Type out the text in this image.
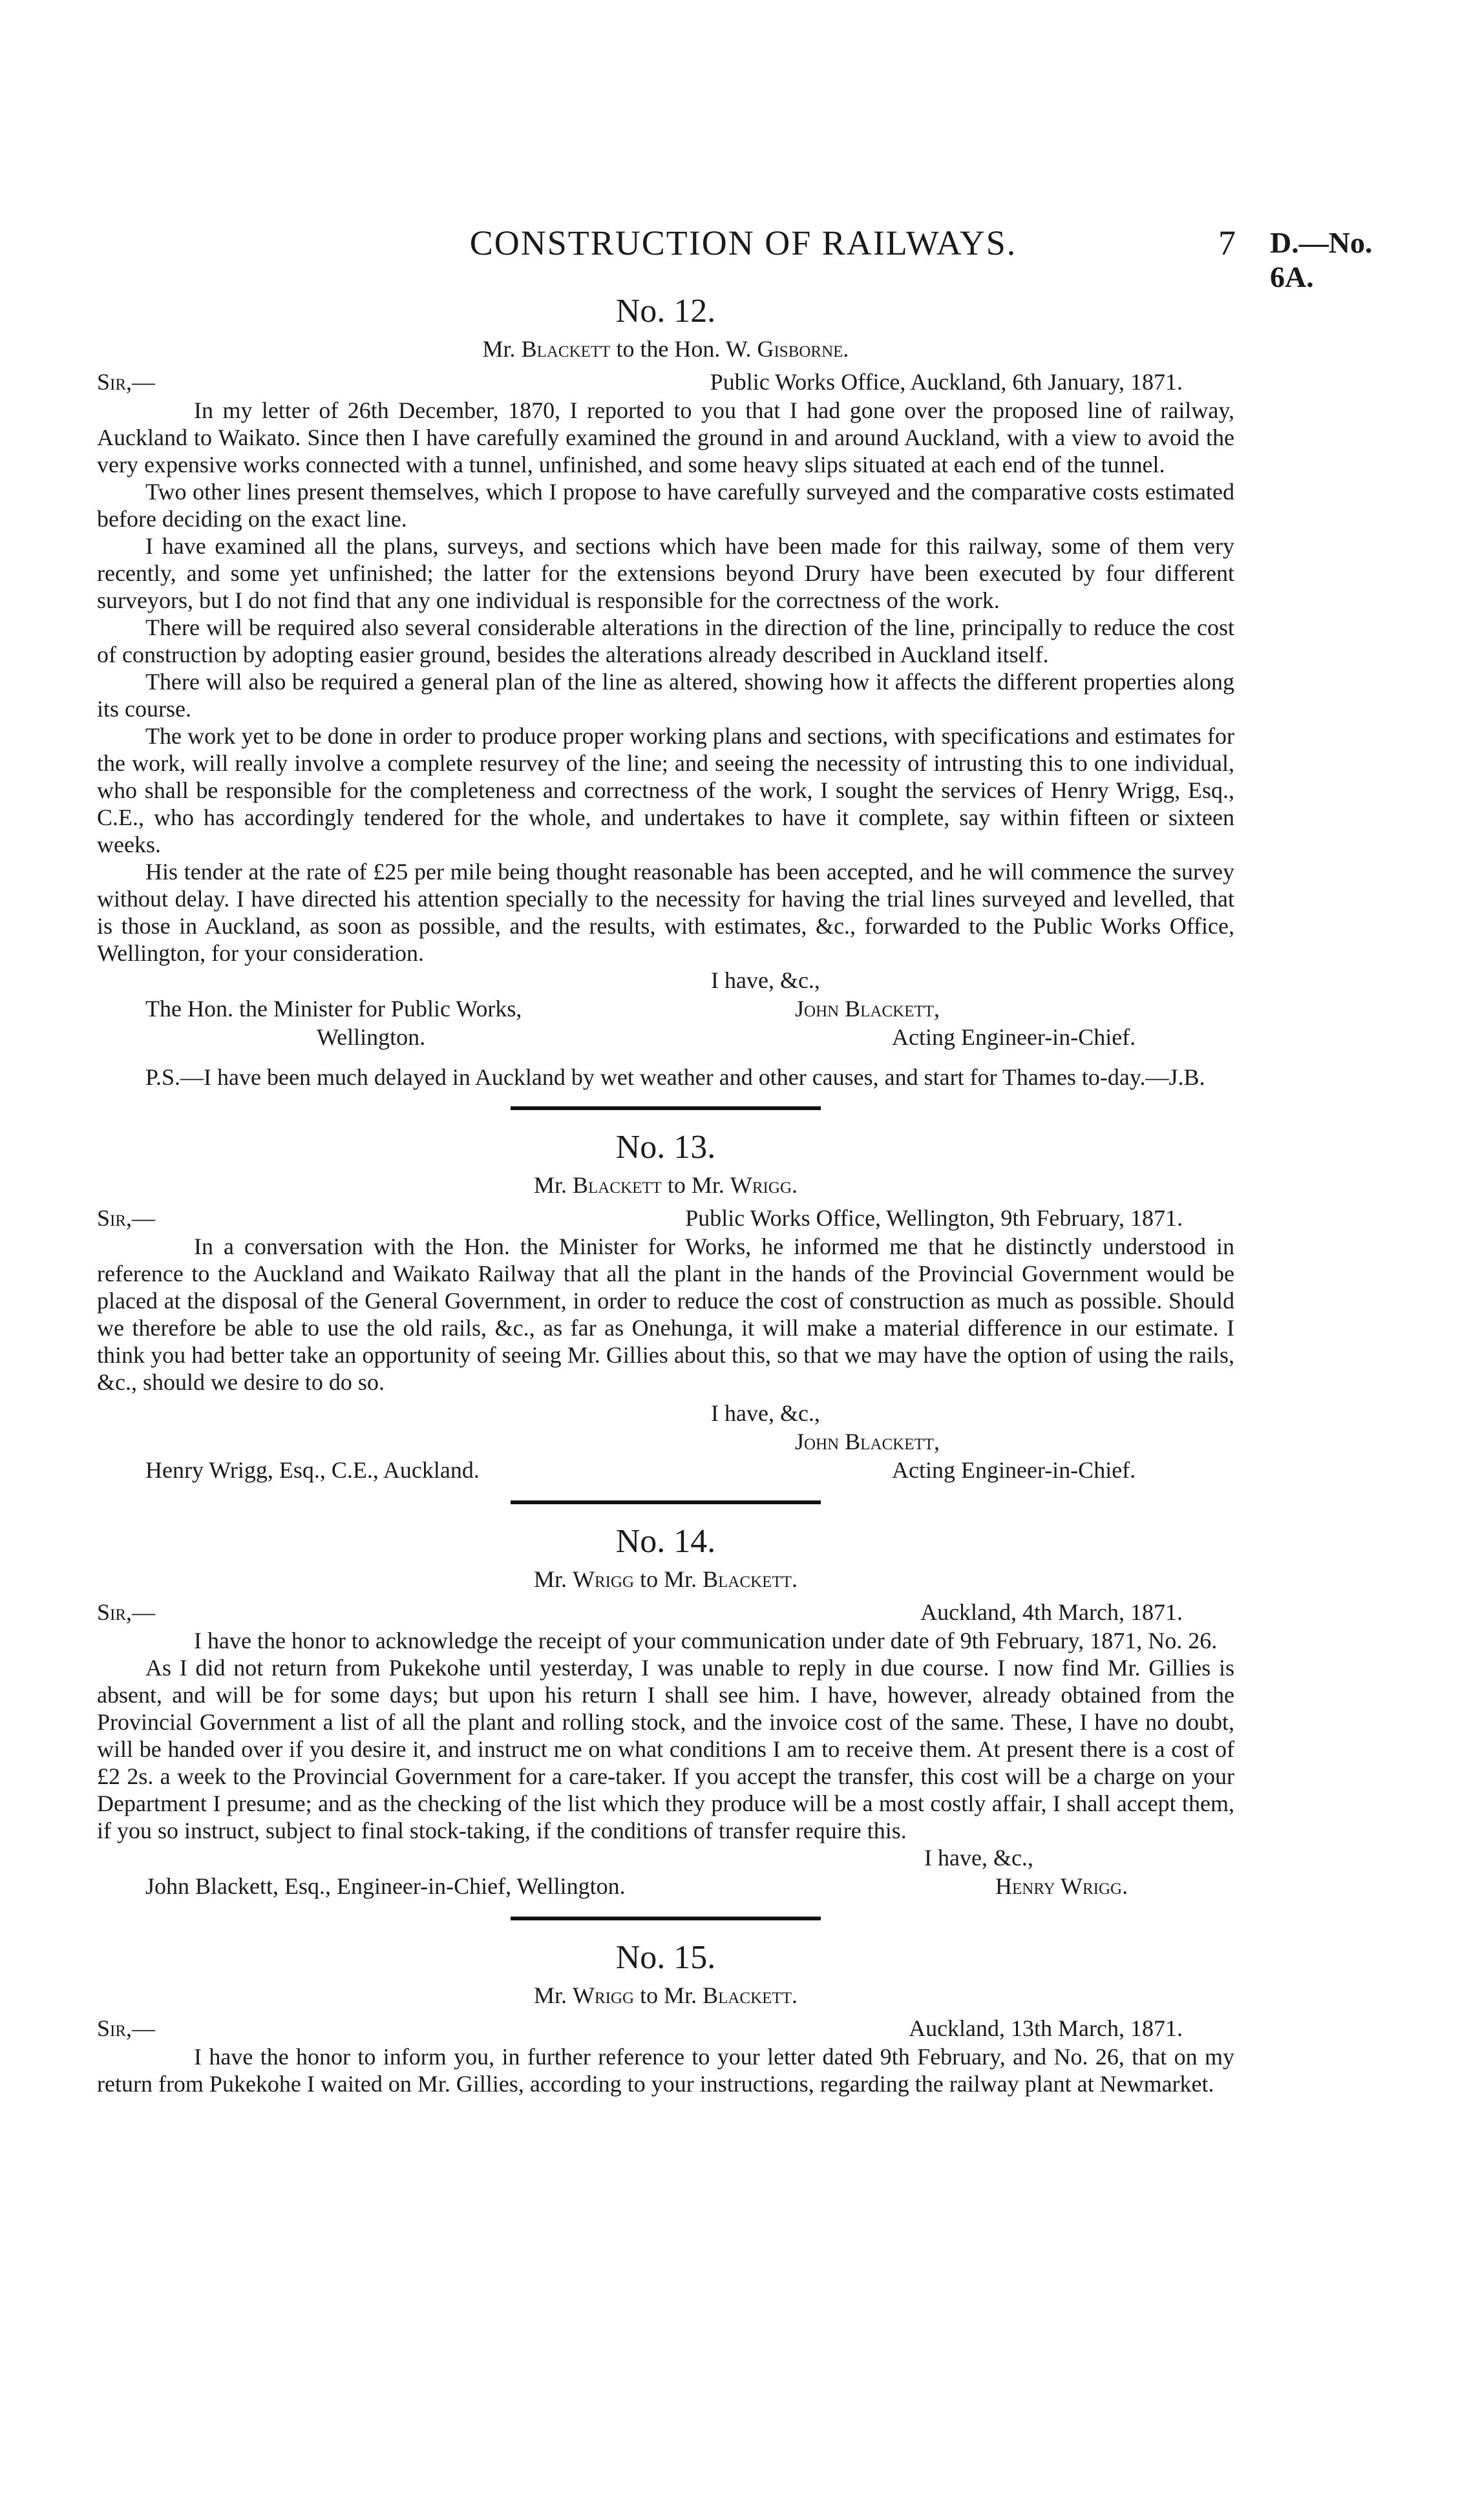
CONSTRUCTION OF RAILWAYS.	7 D.—No. 6A.
No. 12.
Mr. Blackett to the Hon. W. Gisborne.
Sir,—	Public Works Office, Auckland, 6th January, 1871.

In my letter of 26th December, 1870, I reported to you that I had gone over the proposed line of railway, Auckland to Waikato. Since then I have carefully examined the ground in and around Auckland, with a view to avoid the very expensive works connected with a tunnel, unfinished, and some heavy slips situated at each end of the tunnel.

Two other lines present themselves, which I propose to have carefully surveyed and the comparative costs estimated before deciding on the exact line.

I have examined all the plans, surveys, and sections which have been made for this railway, some of them very recently, and some yet unfinished; the latter for the extensions beyond Drury have been executed by four different surveyors, but I do not find that any one individual is responsible for the correctness of the work.

There will be required also several considerable alterations in the direction of the line, principally to reduce the cost of construction by adopting easier ground, besides the alterations already described in Auckland itself.

There will also be required a general plan of the line as altered, showing how it affects the different properties along its course.

The work yet to be done in order to produce proper working plans and sections, with specifications and estimates for the work, will really involve a complete resurvey of the line; and seeing the necessity of intrusting this to one individual, who shall be responsible for the completeness and correctness of the work, I sought the services of Henry Wrigg, Esq., C.E., who has accordingly tendered for the whole, and undertakes to have it complete, say within fifteen or sixteen weeks.

His tender at the rate of £25 per mile being thought reasonable has been accepted, and he will commence the survey without delay. I have directed his attention specially to the necessity for having the trial lines surveyed and levelled, that is those in Auckland, as soon as possible, and the results, with estimates, &c., forwarded to the Public Works Office, Wellington, for your consideration.

I have, &c.,
The Hon. the Minister for Public Works,	John Blackett,
Wellington.	Acting Engineer-in-Chief.

P.S.—I have been much delayed in Auckland by wet weather and other causes, and start for Thames to-day.—J.B.

No. 13.
Mr. Blackett to Mr. Wrigg.
Sir,—	Public Works Office, Wellington, 9th February, 1871.

In a conversation with the Hon. the Minister for Works, he informed me that he distinctly understood in reference to the Auckland and Waikato Railway that all the plant in the hands of the Provincial Government would be placed at the disposal of the General Government, in order to reduce the cost of construction as much as possible. Should we therefore be able to use the old rails, &c., as far as Onehunga, it will make a material difference in our estimate. I think you had better take an opportunity of seeing Mr. Gillies about this, so that we may have the option of using the rails, &c., should we desire to do so.

I have, &c.,
John Blackett,
Henry Wrigg, Esq., C.E., Auckland.	Acting Engineer-in-Chief.
No. 14.
Mr. Wrigg to Mr. Blackett.
Sir,—	Auckland, 4th March, 1871.

I have the honor to acknowledge the receipt of your communication under date of 9th February, 1871, No. 26.

As I did not return from Pukekohe until yesterday, I was unable to reply in due course. I now find Mr. Gillies is absent, and will be for some days; but upon his return I shall see him. I have, however, already obtained from the Provincial Government a list of all the plant and rolling stock, and the invoice cost of the same. These, I have no doubt, will be handed over if you desire it, and instruct me on what conditions I am to receive them. At present there is a cost of £2 2s. a week to the Provincial Government for a care-taker. If you accept the transfer, this cost will be a charge on your Department I presume; and as the checking of the list which they produce will be a most costly affair, I shall accept them, if you so instruct, subject to final stock-taking, if the conditions of transfer require this.

I have, &c.,
John Blackett, Esq., Engineer-in-Chief, Wellington.	Henry Wrigg.
No. 15.
Mr. Wrigg to Mr. Blackett.
Sir,—	Auckland, 13th March, 1871.

I have the honor to inform you, in further reference to your letter dated 9th February, and No. 26, that on my return from Pukekohe I waited on Mr. Gillies, according to your instructions, regarding the railway plant at Newmarket.
